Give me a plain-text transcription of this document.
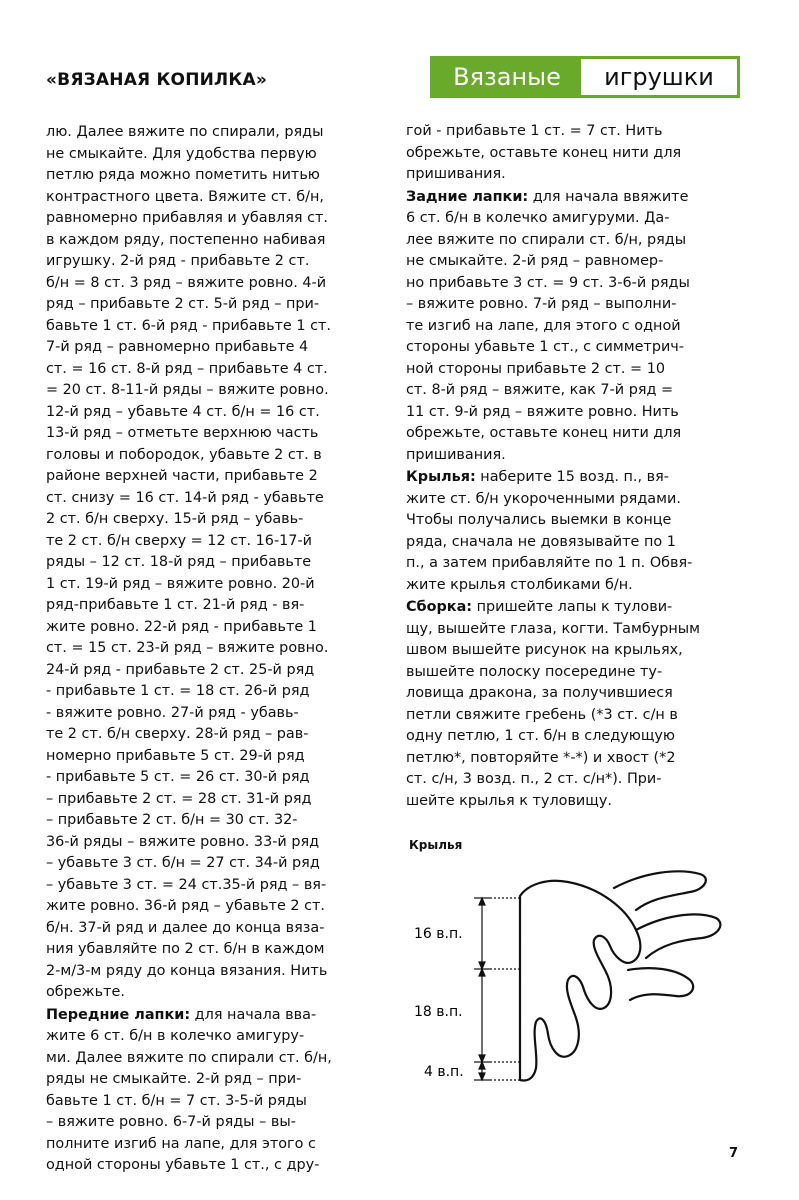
«ВЯЗАНАЯ КОПИЛКА»	Вязаные	игрушки

лю. Далее вяжите по спирали, ряды
не смыкайте. Для удобства первую
петлю ряда можно пометить нитью
контрастного цвета. Вяжите ст. б/н,
равномерно прибавляя и убавляя ст.
в каждом ряду, постепенно набивая
игрушку. 2-й ряд - прибавьте 2 ст.
б/н = 8 ст. 3 ряд – вяжите ровно. 4-й
ряд – прибавьте 2 ст. 5-й ряд – при-
бавьте 1 ст. 6-й ряд - прибавьте 1 ст.
7-й ряд – равномерно прибавьте 4
ст. = 16 ст. 8-й ряд – прибавьте 4 ст.
= 20 ст. 8-11-й ряды – вяжите ровно.
12-й ряд – убавьте 4 ст. б/н = 16 ст.
13-й ряд – отметьте верхнюю часть
головы и побородок, убавьте 2 ст. в
районе верхней части, прибавьте 2
ст. снизу = 16 ст. 14-й ряд - убавьте
2 ст. б/н сверху. 15-й ряд – убавь-
те 2 ст. б/н сверху = 12 ст. 16-17-й
ряды – 12 ст. 18-й ряд – прибавьте
1 ст. 19-й ряд – вяжите ровно. 20-й
ряд-прибавьте 1 ст. 21-й ряд - вя-
жите ровно. 22-й ряд - прибавьте 1
ст. = 15 ст. 23-й ряд – вяжите ровно.
24-й ряд - прибавьте 2 ст. 25-й ряд
- прибавьте 1 ст. = 18 ст. 26-й ряд
- вяжите ровно. 27-й ряд - убавь-
те 2 ст. б/н сверху. 28-й ряд – рав-
номерно прибавьте 5 ст. 29-й ряд
- прибавьте 5 ст. = 26 ст. 30-й ряд
– прибавьте 2 ст. = 28 ст. 31-й ряд
– прибавьте 2 ст. б/н = 30 ст. 32-
36-й ряды – вяжите ровно. 33-й ряд
– убавьте 3 ст. б/н = 27 ст. 34-й ряд
– убавьте 3 ст. = 24 ст.35-й ряд – вя-
жите ровно. 36-й ряд – убавьте 2 ст.
б/н. 37-й ряд и далее до конца вяза-
ния убавляйте по 2 ст. б/н в каждом
2-м/3-м ряду до конца вязания. Нить
обрежьте.

Передние лапки: для начала вва-
жите 6 ст. б/н в колечко амигуру-
ми. Далее вяжите по спирали ст. б/н,
ряды не смыкайте. 2-й ряд – при-
бавьте 1 ст. б/н = 7 ст. 3-5-й ряды
– вяжите ровно. 6-7-й ряды – вы-
полните изгиб на лапе, для этого с
одной стороны убавьте 1 ст., с дру-

гой - прибавьте 1 ст. = 7 ст. Нить
обрежьте, оставьте конец нити для
пришивания.

Задние лапки: для начала ввяжите
6 ст. б/н в колечко амигуруми. Да-
лее вяжите по спирали ст. б/н, ряды
не смыкайте. 2-й ряд – равномер-
но прибавьте 3 ст. = 9 ст. 3-6-й ряды
– вяжите ровно. 7-й ряд – выполни-
те изгиб на лапе, для этого с одной
стороны убавьте 1 ст., с симметрич-
ной стороны прибавьте 2 ст. = 10
ст. 8-й ряд – вяжите, как 7-й ряд =
11 ст. 9-й ряд – вяжите ровно. Нить
обрежьте, оставьте конец нити для
пришивания.

Крылья: наберите 15 возд. п., вя-
жите ст. б/н укороченными рядами.
Чтобы получались выемки в конце
ряда, сначала не довязывайте по 1
п., а затем прибавляйте по 1 п. Обвя-
жите крылья столбиками б/н.

Сборка: пришейте лапы к тулови-
щу, вышейте глаза, когти. Тамбурным
швом вышейте рисунок на крыльях,
вышейте полоску посередине ту-
ловища дракона, за получившиеся
петли свяжите гребень (*3 ст. с/н в
одну петлю, 1 ст. б/н в следующую
петлю*, повторяйте *-*) и хвост (*2
ст. с/н, 3 возд. п., 2 ст. с/н*). При-
шейте крылья к туловищу.

Крылья
16 в.п.
18 в.п.
4 в.п.
7
